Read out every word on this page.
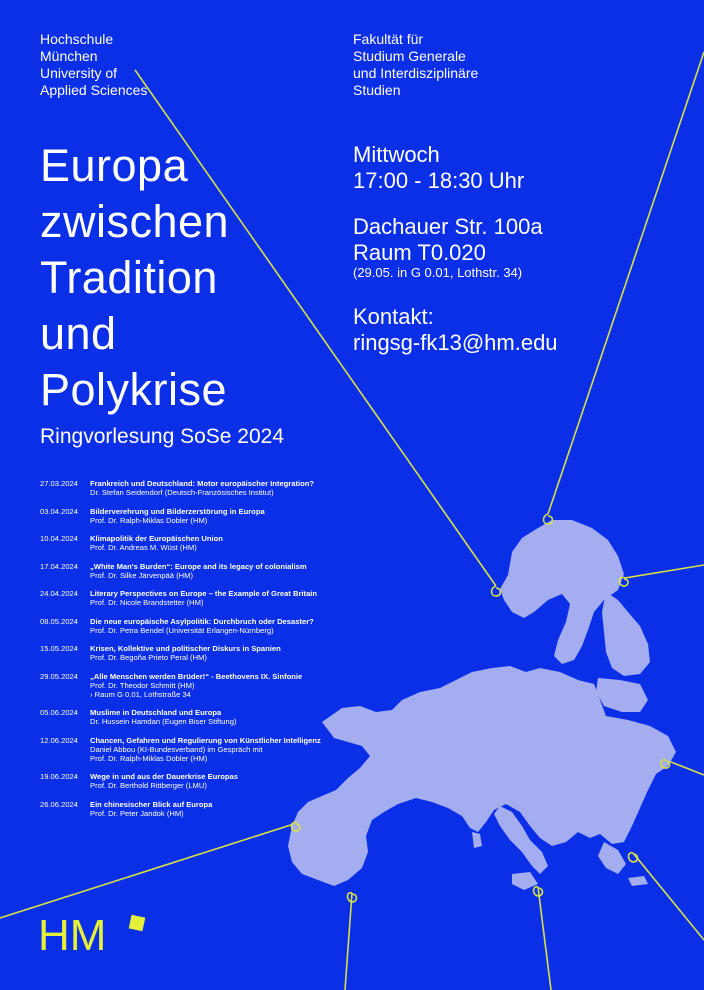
Hochschule
München
University of
Applied Sciences
Fakultät für
Studium Generale
und Interdisziplinäre
Studien
Europa
zwischen
Tradition
und
Polykrise
Ringvorlesung SoSe 2024
Mittwoch
17:00 - 18:30 Uhr
Dachauer Str. 100a
Raum T0.020
(29.05. in G 0.01, Lothstr. 34)
Kontakt:
ringsg-fk13@hm.edu
27.03.2024	Frankreich und Deutschland: Motor europäischer Integration?
Dr. Stefan Seidendorf (Deutsch-Französisches Institut)
03.04.2024	Bilderverehrung und Bilderzerstörung in Europa
Prof. Dr. Ralph-Miklas Dobler (HM)
10.04.2024	Klimapolitik der Europäischen Union
Prof. Dr. Andreas M. Wüst (HM)
17.04.2024	„White Man's Burden“: Europe and its legacy of colonialism
Prof. Dr. Silke Järvenpää (HM)
24.04.2024	Literary Perspectives on Europe – the Example of Great Britain
Prof. Dr. Nicole Brandstetter (HM)
08.05.2024	Die neue europäische Asylpolitik: Durchbruch oder Desaster?
Prof. Dr. Petra Bendel (Universität Erlangen-Nürnberg)
15.05.2024	Krisen, Kollektive und politischer Diskurs in Spanien
Prof. Dr. Begoña Prieto Peral (HM)
29.05.2024	„Alle Menschen werden Brüder!“ - Beethovens IX. Sinfonie
Prof. Dr. Theodor Schmitt (HM)
› Raum G 0.01, Lothstraße 34
05.06.2024	Muslime in Deutschland und Europa
Dr. Hussein Hamdan (Eugen Biser Stiftung)
12.06.2024	Chancen, Gefahren und Regulierung von Künstlicher Intelligenz
Daniel Abbou (KI-Bundesverband) im Gespräch mit
Prof. Dr. Ralph-Miklas Dobler (HM)
19.06.2024	Wege in und aus der Dauerkrise Europas
Prof. Dr. Berthold Rittberger (LMU)
26.06.2024	Ein chinesischer Blick auf Europa
Prof. Dr. Peter Jandok (HM)
HM
